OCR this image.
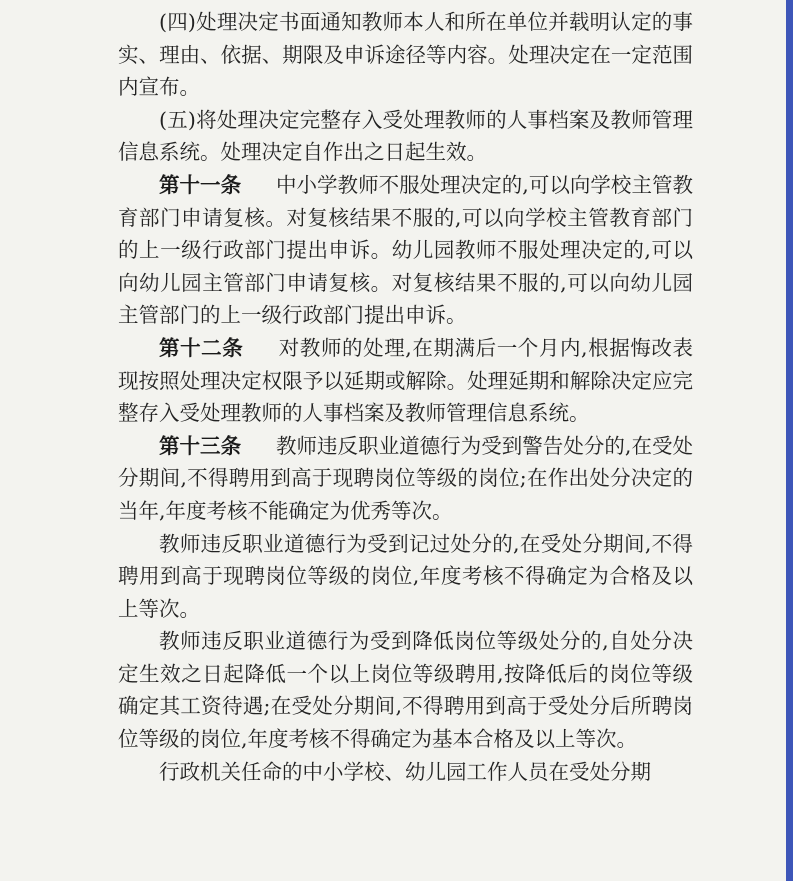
(四)处理决定书面通知教师本人和所在单位并载明认定的事实、理由、依据、期限及申诉途径等内容。处理决定在一定范围内宣布。

(五)将处理决定完整存入受处理教师的人事档案及教师管理信息系统。处理决定自作出之日起生效。

第十一条 中小学教师不服处理决定的,可以向学校主管教育部门申请复核。对复核结果不服的,可以向学校主管教育部门的上一级行政部门提出申诉。幼儿园教师不服处理决定的,可以向幼儿园主管部门申请复核。对复核结果不服的,可以向幼儿园主管部门的上一级行政部门提出申诉。

第十二条 对教师的处理,在期满后一个月内,根据悔改表现按照处理决定权限予以延期或解除。处理延期和解除决定应完整存入受处理教师的人事档案及教师管理信息系统。

第十三条 教师违反职业道德行为受到警告处分的,在受处分期间,不得聘用到高于现聘岗位等级的岗位;在作出处分决定的当年,年度考核不能确定为优秀等次。

教师违反职业道德行为受到记过处分的,在受处分期间,不得聘用到高于现聘岗位等级的岗位,年度考核不得确定为合格及以上等次。

教师违反职业道德行为受到降低岗位等级处分的,自处分决定生效之日起降低一个以上岗位等级聘用,按降低后的岗位等级确定其工资待遇;在受处分期间,不得聘用到高于受处分后所聘岗位等级的岗位,年度考核不得确定为基本合格及以上等次。

行政机关任命的中小学校、幼儿园工作人员在受处分期
